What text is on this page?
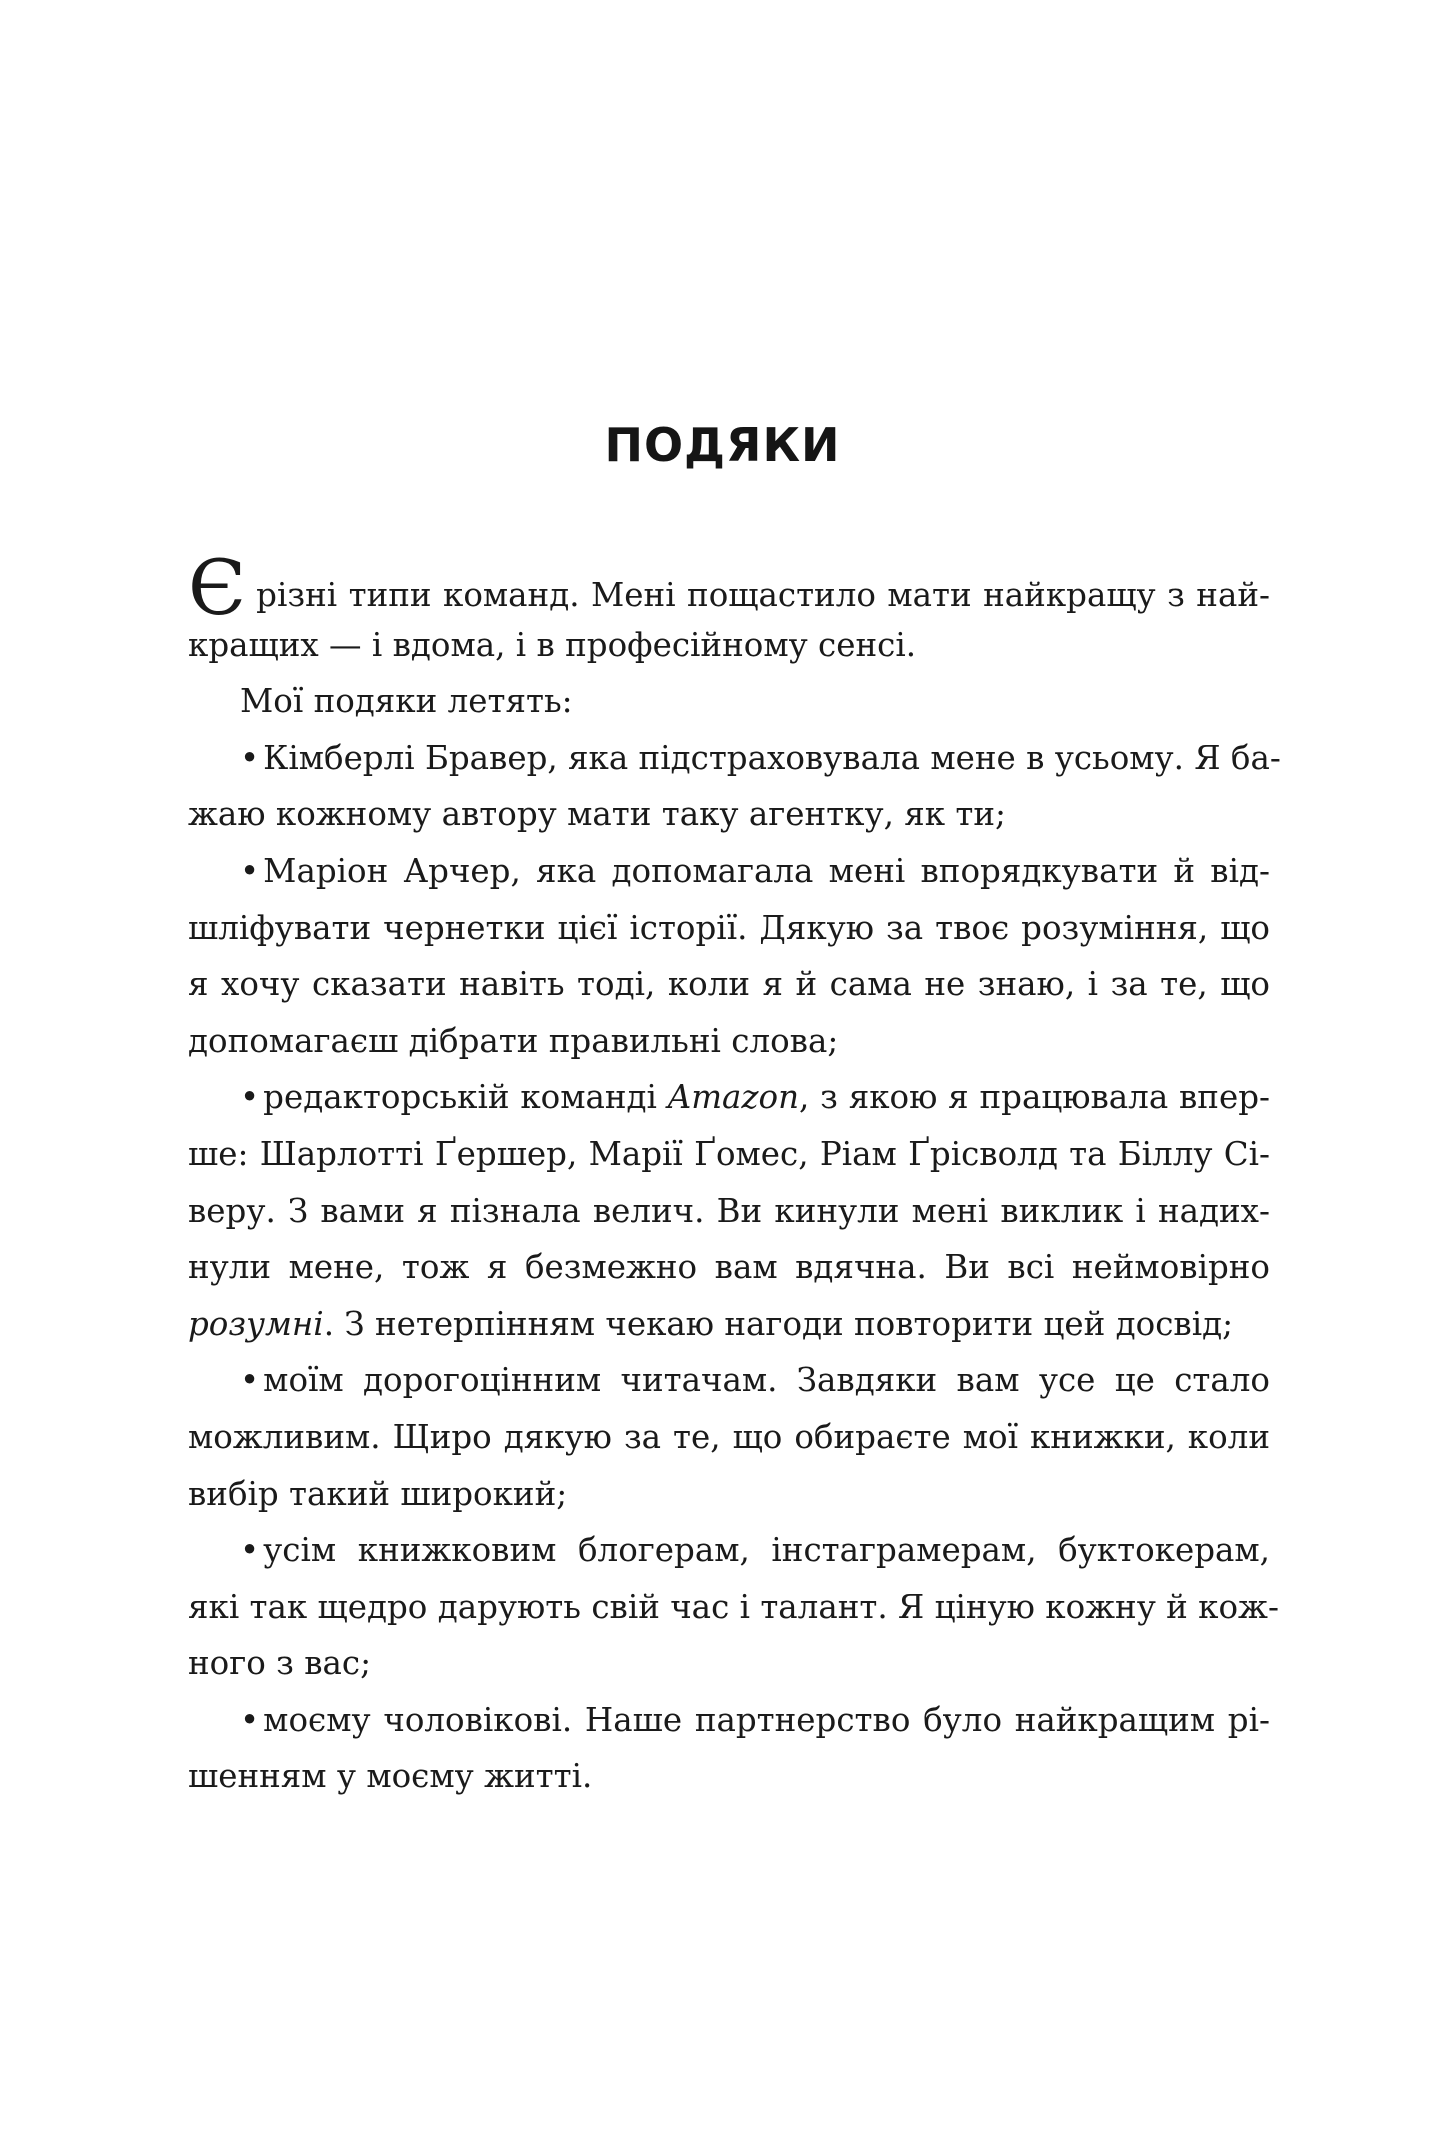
ПОДЯКИ
Єрізні типи команд. Мені пощастило мати найкращу з най-
кращих — і вдома, і в професійному сенсі.
Мої подяки летять:
• Кімберлі Бравер, яка підстраховувала мене в усьому. Я ба-
жаю кожному автору мати таку агентку, як ти;
• Маріон Арчер, яка допомагала мені впорядкувати й від-
шліфувати чернетки цієї історії. Дякую за твоє розуміння, що
я хочу сказати навіть тоді, коли я й сама не знаю, і за те, що
допомагаєш дібрати правильні слова;
• редакторській команді Amazon, з якою я працювала впер-
ше: Шарлотті Ґершер, Марії Ґомес, Ріам Ґрісволд та Біллу Сі-
веру. З вами я пізнала велич. Ви кинули мені виклик і надих-
нули мене, тож я безмежно вам вдячна. Ви всі неймовірно
розумні. З нетерпінням чекаю нагоди повторити цей досвід;
• моїм дорогоцінним читачам. Завдяки вам усе це стало
можливим. Щиро дякую за те, що обираєте мої книжки, коли
вибір такий широкий;
• усім книжковим блогерам, інстаграмерам, буктокерам,
які так щедро дарують свій час і талант. Я ціную кожну й кож-
ного з вас;
• моєму чоловікові. Наше партнерство було найкращим рі-
шенням у моєму житті.
